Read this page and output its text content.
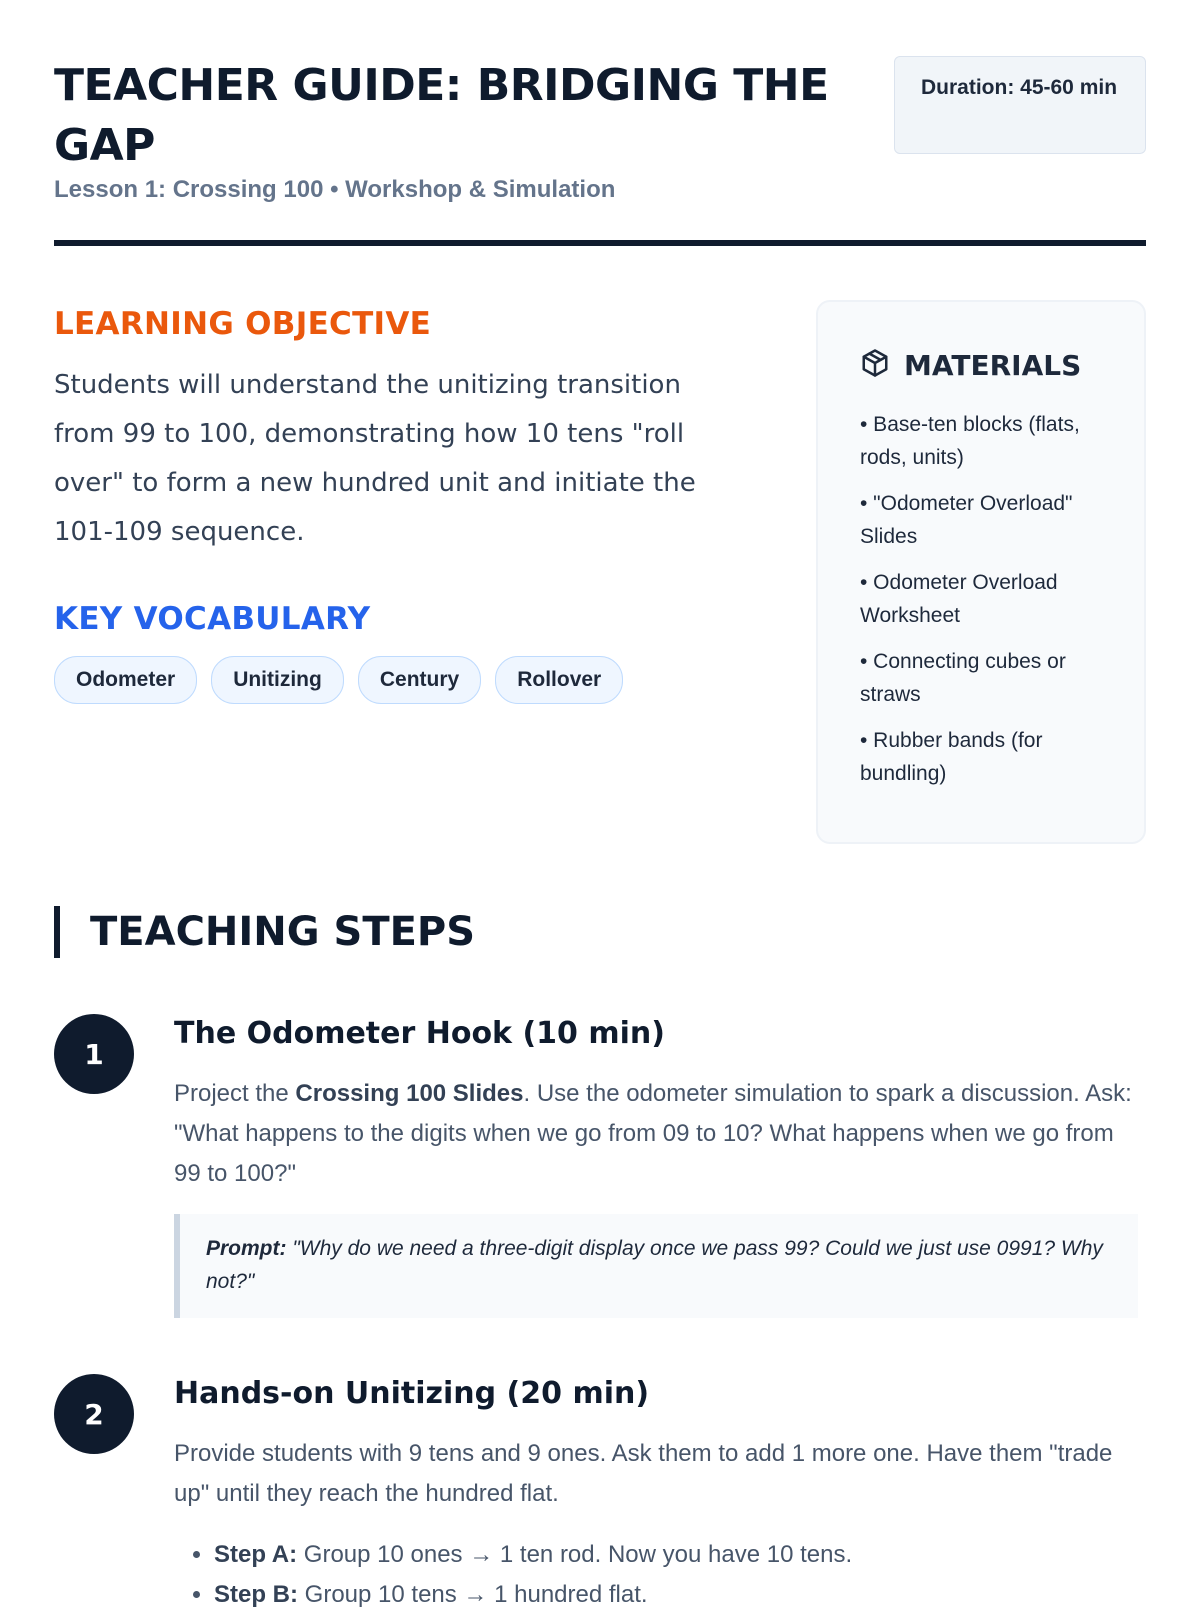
TEACHER GUIDE: BRIDGING THE GAP

Lesson 1: Crossing 100 • Workshop & Simulation

Duration: 45-60 min
LEARNING OBJECTIVE

Students will understand the unitizing transition from 99 to 100, demonstrating how 10 tens "roll over" to form a new hundred unit and initiate the 101-109 sequence.

KEY VOCABULARY
Odometer	Unitizing	Century	Rollover
MATERIALS
• Base-ten blocks (flats, rods, units)
• "Odometer Overload" Slides
• Odometer Overload Worksheet
• Connecting cubes or straws
• Rubber bands (for bundling)
TEACHING STEPS
1
The Odometer Hook (10 min)

Project the Crossing 100 Slides. Use the odometer simulation to spark a discussion. Ask: "What happens to the digits when we go from 09 to 10? What happens when we go from 99 to 100?"

Prompt: "Why do we need a three-digit display once we pass 99? Could we just use 0991? Why not?"
2
Hands-on Unitizing (20 min)

Provide students with 9 tens and 9 ones. Ask them to add 1 more one. Have them "trade up" until they reach the hundred flat.

• Step A: Group 10 ones → 1 ten rod. Now you have 10 tens.
• Step B: Group 10 tens → 1 hundred flat.
